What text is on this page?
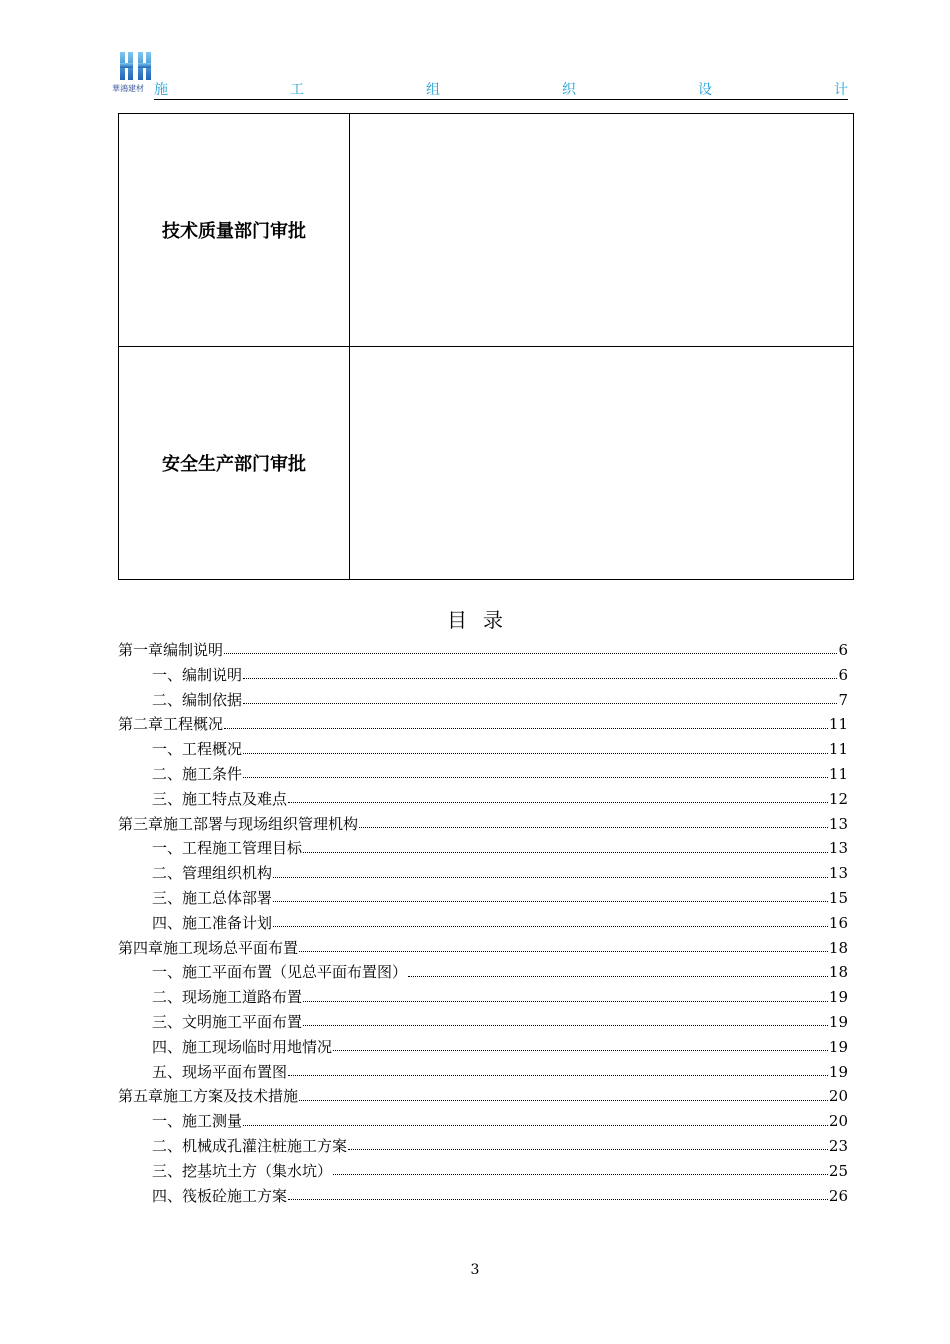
華鴻建材 施	工	组	织	设	计
技术质量部门审批	
安全生产部门审批	
目录
第一章编制说明	6
一、编制说明	6
二、编制依据	7
第二章工程概况	11
一、工程概况	11
二、施工条件	11
三、施工特点及难点	12
第三章施工部署与现场组织管理机构	13
一、工程施工管理目标	13
二、管理组织机构	13
三、施工总体部署	15
四、施工准备计划	16
第四章施工现场总平面布置	18
一、施工平面布置（见总平面布置图）	18
二、现场施工道路布置	19
三、文明施工平面布置	19
四、施工现场临时用地情况	19
五、现场平面布置图	19
第五章施工方案及技术措施	20
一、施工测量	20
二、机械成孔灌注桩施工方案	23
三、挖基坑土方（集水坑）	25
四、筏板砼施工方案	26
3
